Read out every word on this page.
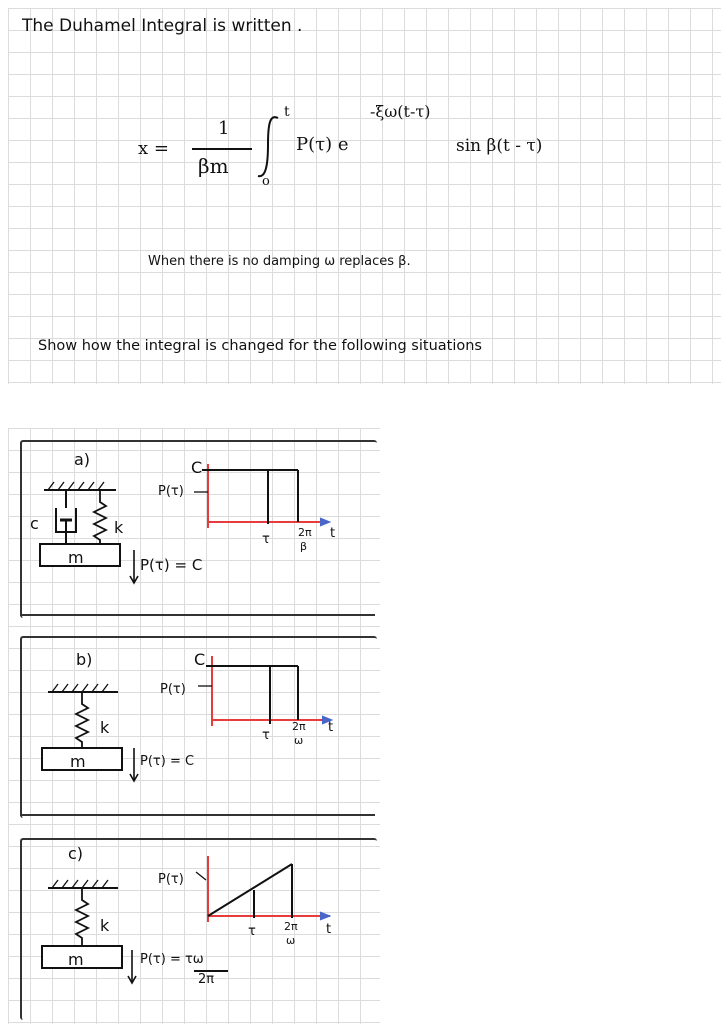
The Duhamel Integral is written .
x =
1
βm
t
o
P(τ) e
-ξω(t-τ)
sin β(t - τ)
When there is no damping ω replaces β.
Show how the integral is changed for the following situations
a)
c	k
m	P(τ) = C
P(τ)
C
τ	2π
β
t
b)
k
m	P(τ) = C
P(τ)
C
τ
2π
ω
t
c)
k
m	P(τ) = τω
2π
P(τ)
τ	2π
ω
t
